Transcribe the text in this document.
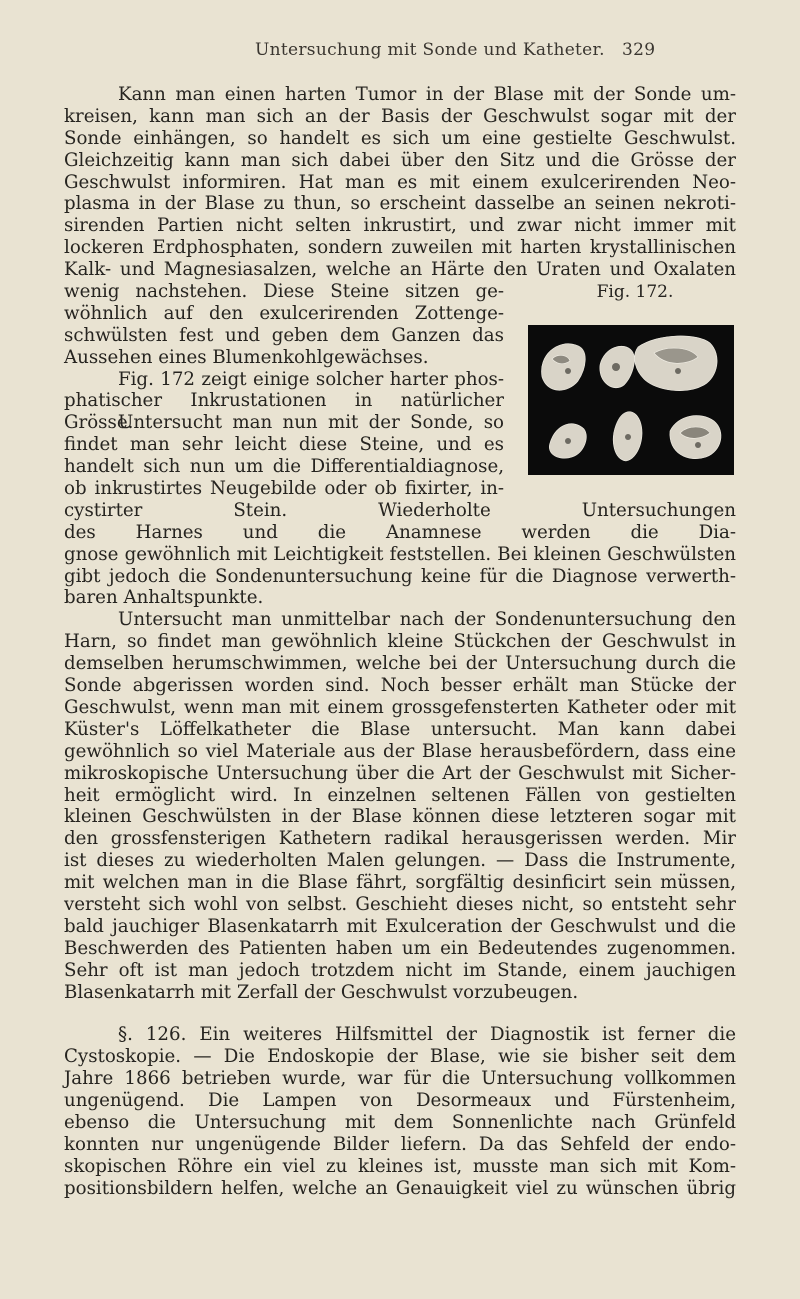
Untersuchung mit Sonde und Katheter. 329
Kann man einen harten Tumor in der Blase mit der Sonde um-
kreisen, kann man sich an der Basis der Geschwulst sogar mit der
Sonde einhängen, so handelt es sich um eine gestielte Geschwulst.
Gleichzeitig kann man sich dabei über den Sitz und die Grösse der
Geschwulst informiren. Hat man es mit einem exulcerirenden Neo-
plasma in der Blase zu thun, so erscheint dasselbe an seinen nekroti-
sirenden Partien nicht selten inkrustirt, und zwar nicht immer mit
lockeren Erdphosphaten, sondern zuweilen mit harten krystallinischen
Kalk- und Magnesiasalzen, welche an Härte den Uraten und Oxalaten
Fig. 172.
wenig nachstehen. Diese Steine sitzen ge-
wöhnlich auf den exulcerirenden Zottenge-
schwülsten fest und geben dem Ganzen das
Aussehen eines Blumenkohlgewächses.
Fig. 172 zeigt einige solcher harter phos-
phatischer Inkrustationen in natürlicher Grösse.
Untersucht man nun mit der Sonde, so
findet man sehr leicht diese Steine, und es
handelt sich nun um die Differentialdiagnose,
ob inkrustirtes Neugebilde oder ob fixirter, in-
cystirter Stein. Wiederholte Untersuchungen
des Harnes und die Anamnese werden die Dia-
gnose gewöhnlich mit Leichtigkeit feststellen. Bei kleinen Geschwülsten
gibt jedoch die Sondenuntersuchung keine für die Diagnose verwerth-
baren Anhaltspunkte.
Untersucht man unmittelbar nach der Sondenuntersuchung den
Harn, so findet man gewöhnlich kleine Stückchen der Geschwulst in
demselben herumschwimmen, welche bei der Untersuchung durch die
Sonde abgerissen worden sind. Noch besser erhält man Stücke der
Geschwulst, wenn man mit einem grossgefensterten Katheter oder mit
Küster's Löffelkatheter die Blase untersucht. Man kann dabei
gewöhnlich so viel Materiale aus der Blase herausbefördern, dass eine
mikroskopische Untersuchung über die Art der Geschwulst mit Sicher-
heit ermöglicht wird. In einzelnen seltenen Fällen von gestielten
kleinen Geschwülsten in der Blase können diese letzteren sogar mit
den grossfensterigen Kathetern radikal herausgerissen werden. Mir
ist dieses zu wiederholten Malen gelungen. — Dass die Instrumente,
mit welchen man in die Blase fährt, sorgfältig desinficirt sein müssen,
versteht sich wohl von selbst. Geschieht dieses nicht, so entsteht sehr
bald jauchiger Blasenkatarrh mit Exulceration der Geschwulst und die
Beschwerden des Patienten haben um ein Bedeutendes zugenommen.
Sehr oft ist man jedoch trotzdem nicht im Stande, einem jauchigen
Blasenkatarrh mit Zerfall der Geschwulst vorzubeugen.
§. 126. Ein weiteres Hilfsmittel der Diagnostik ist ferner die
Cystoskopie. — Die Endoskopie der Blase, wie sie bisher seit dem
Jahre 1866 betrieben wurde, war für die Untersuchung vollkommen
ungenügend. Die Lampen von Desormeaux und Fürstenheim,
ebenso die Untersuchung mit dem Sonnenlichte nach Grünfeld
konnten nur ungenügende Bilder liefern. Da das Sehfeld der endo-
skopischen Röhre ein viel zu kleines ist, musste man sich mit Kom-
positionsbildern helfen, welche an Genauigkeit viel zu wünschen übrig
